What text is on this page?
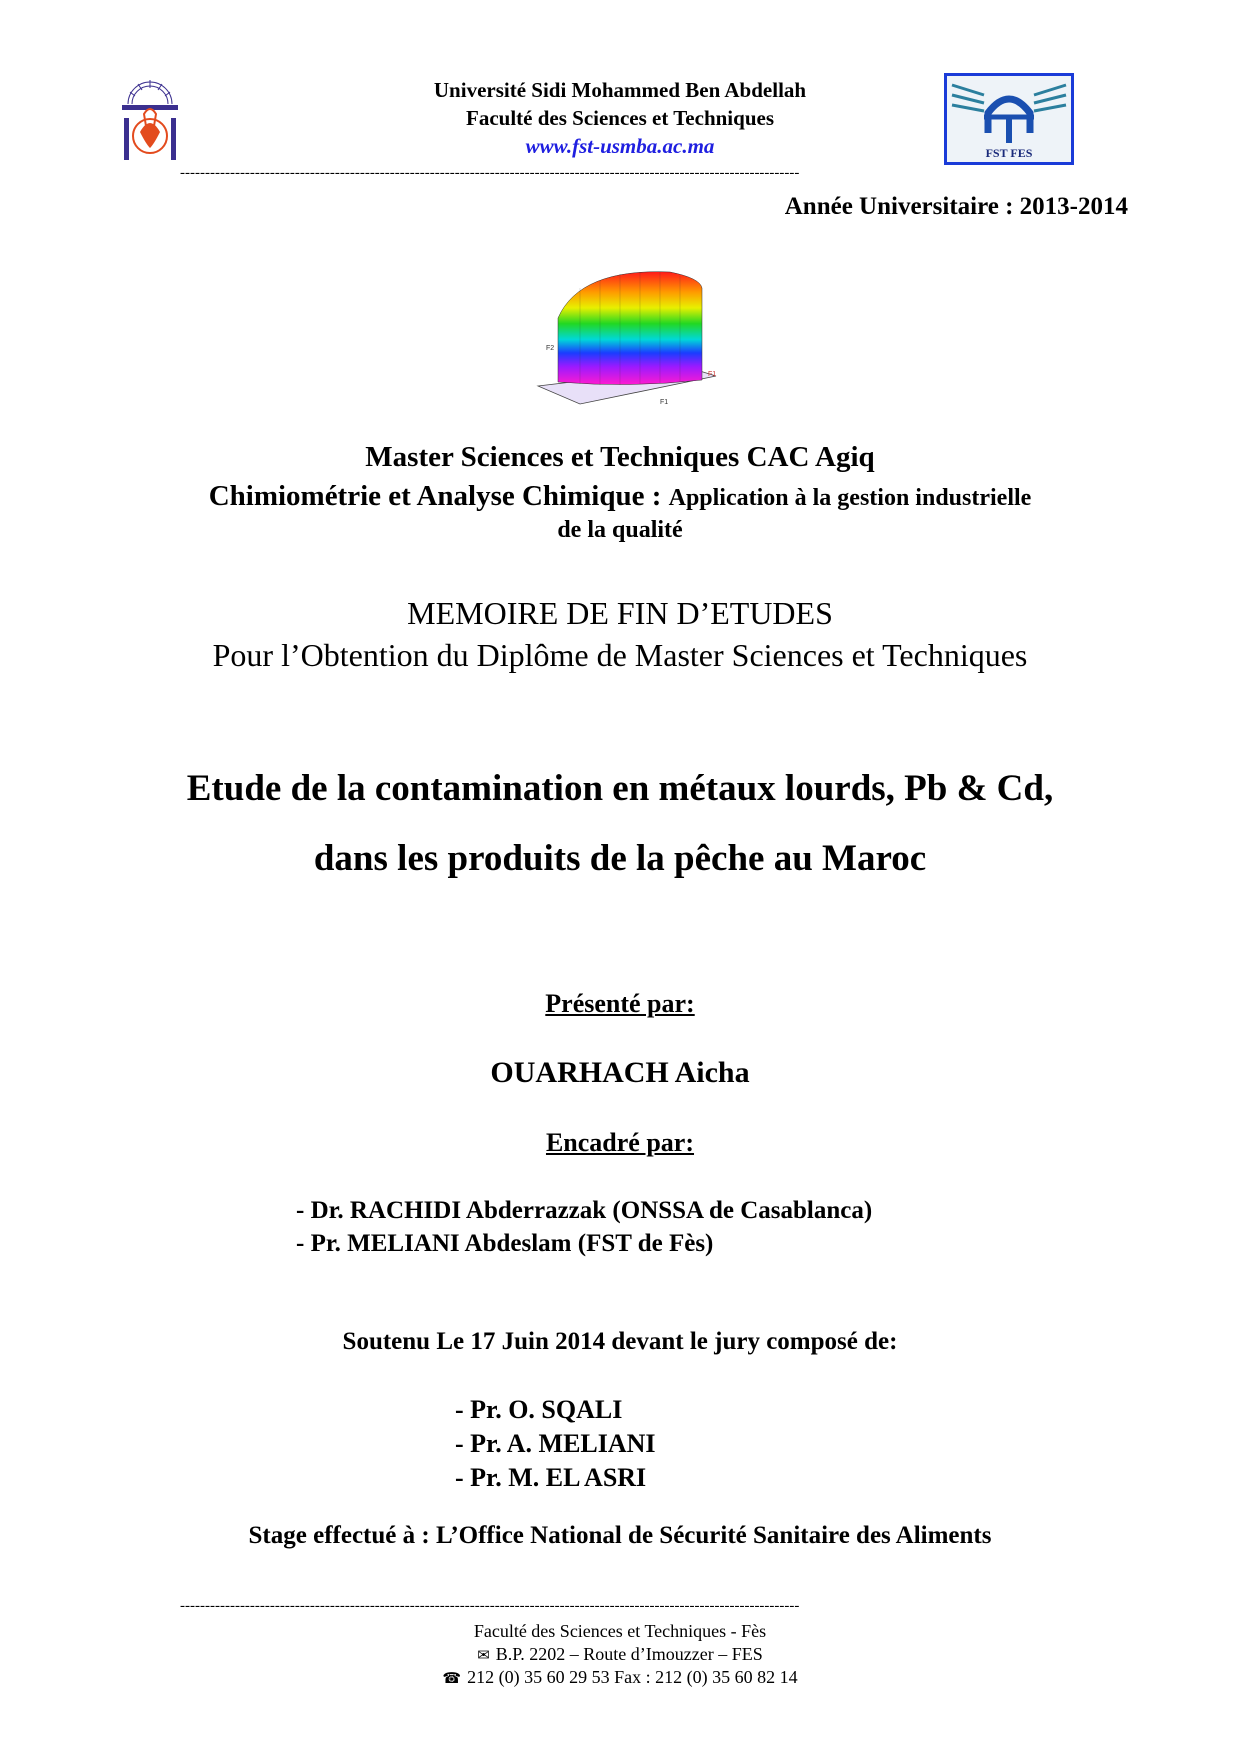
Université Sidi Mohammed Ben Abdellah
Faculté des Sciences et Techniques
www.fst-usmba.ac.ma	FST FES
----------------------------------------------------------------------------------------------------------------------------
Année Universitaire : 2013-2014
F2
F1
F1
Master Sciences et Techniques CAC Agiq
Chimiométrie et Analyse Chimique : Application à la gestion industrielle
de la qualité
MEMOIRE DE FIN D’ETUDES
Pour l’Obtention du Diplôme de Master Sciences et Techniques
Etude de la contamination en métaux lourds, Pb & Cd,
dans les produits de la pêche au Maroc
Présenté par:
OUARHACH Aicha
Encadré par:
- Dr. RACHIDI Abderrazzak (ONSSA de Casablanca)
- Pr. MELIANI Abdeslam (FST de Fès)
Soutenu Le 17 Juin 2014 devant le jury composé de:
- Pr. O. SQALI
- Pr. A. MELIANI
- Pr. M. EL ASRI
Stage effectué à : L’Office National de Sécurité Sanitaire des Aliments
----------------------------------------------------------------------------------------------------------------------------
Faculté des Sciences et Techniques - Fès
✉ B.P. 2202 – Route d’Imouzzer – FES
☎ 212 (0) 35 60 29 53 Fax : 212 (0) 35 60 82 14
